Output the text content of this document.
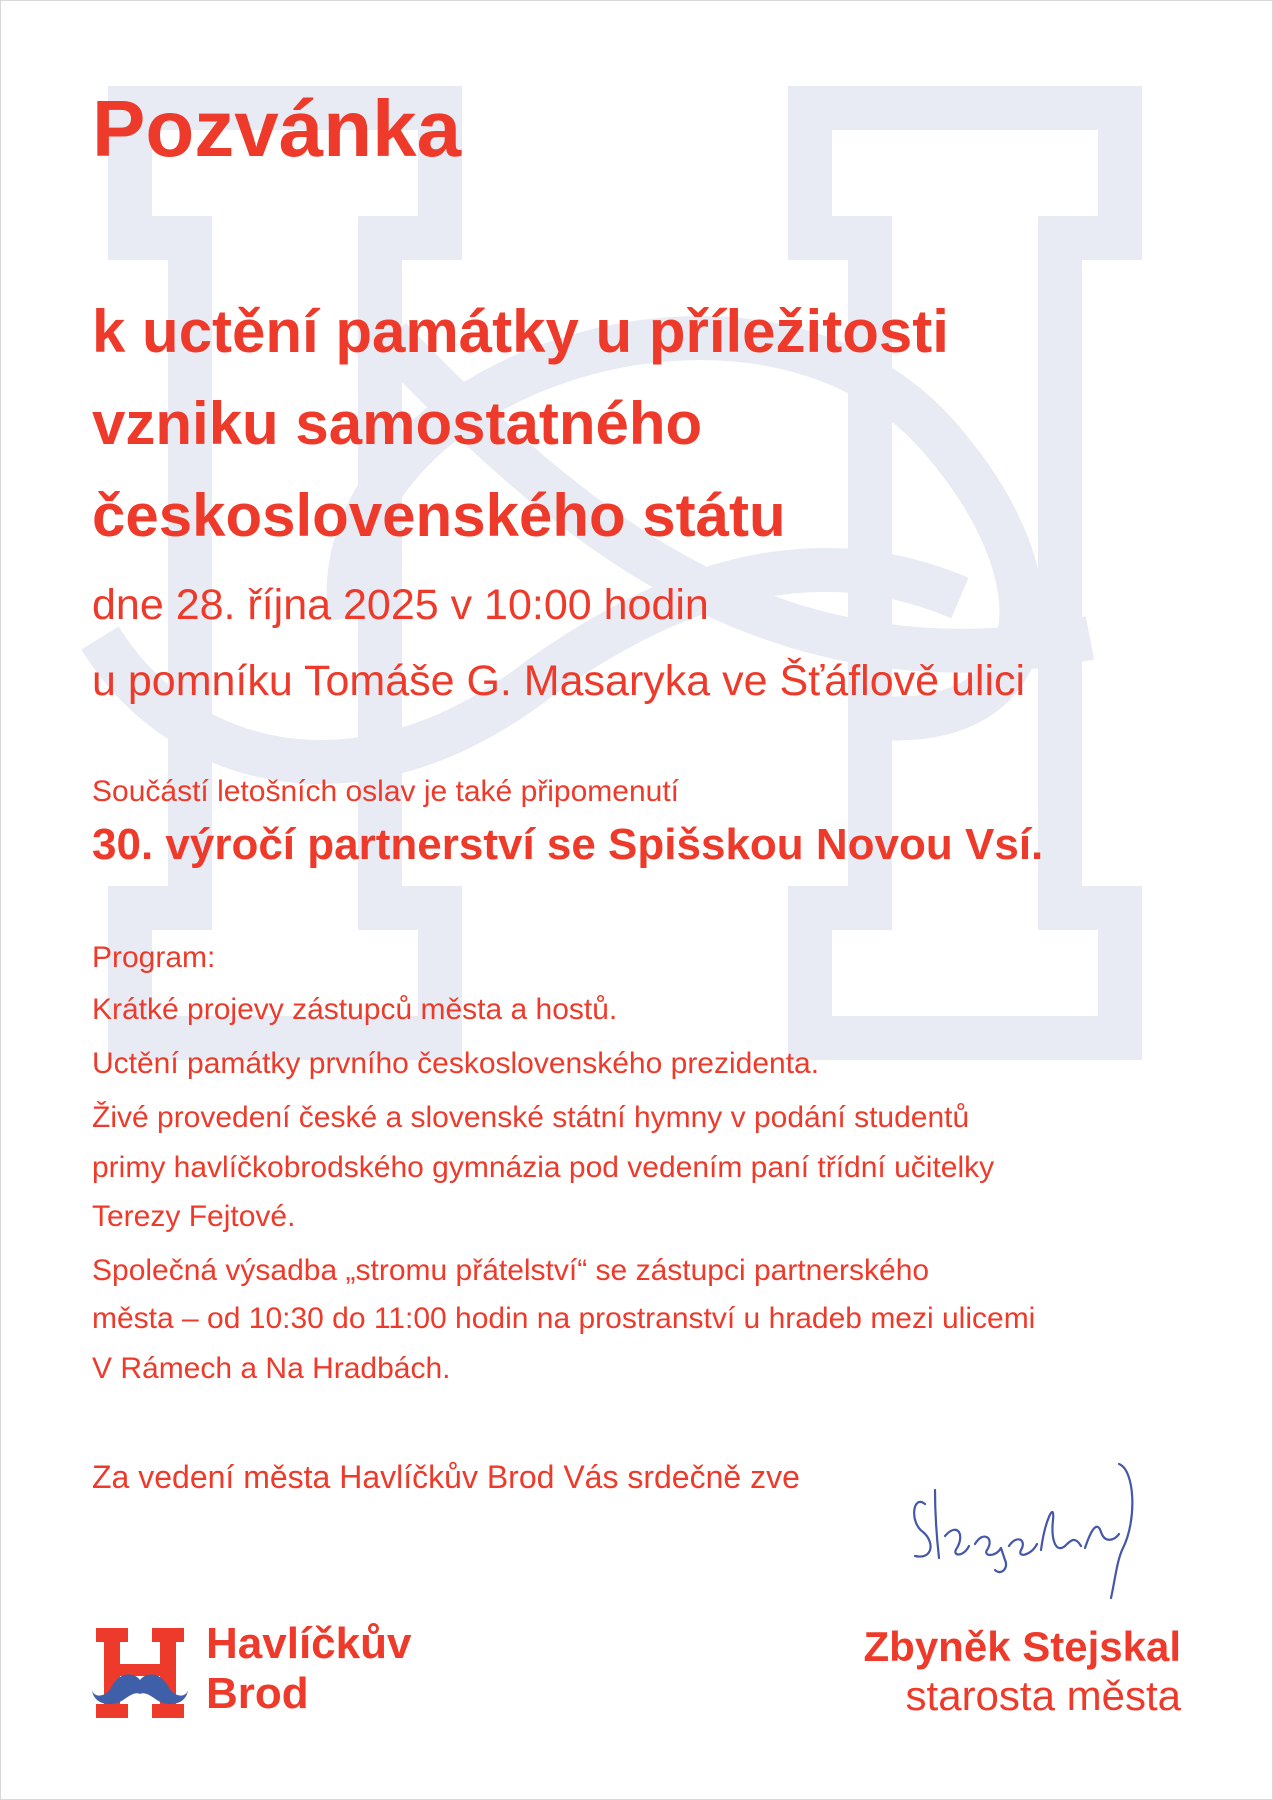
Pozvánka

k uctění památky u příležitosti

vzniku samostatného

československého státu

dne 28. října 2025 v 10:00 hodin

u pomníku Tomáše G. Masaryka ve Šťáflově ulici

Součástí letošních oslav je také připomenutí

30. výročí partnerství se Spišskou Novou Vsí.

Program:

Krátké projevy zástupců města a hostů.

Uctění památky prvního československého prezidenta.

Živé provedení české a slovenské státní hymny v podání studentů

primy havlíčkobrodského gymnázia pod vedením paní třídní učitelky

Terezy Fejtové.

Společná výsadba „stromu přátelství“ se zástupci partnerského

města – od 10:30 do 11:00 hodin na prostranství u hradeb mezi ulicemi

V Rámech a Na Hradbách.

Za vedení města Havlíčkův Brod Vás srdečně zve

Zbyněk Stejskal

starosta města

Havlíčkův

Brod
